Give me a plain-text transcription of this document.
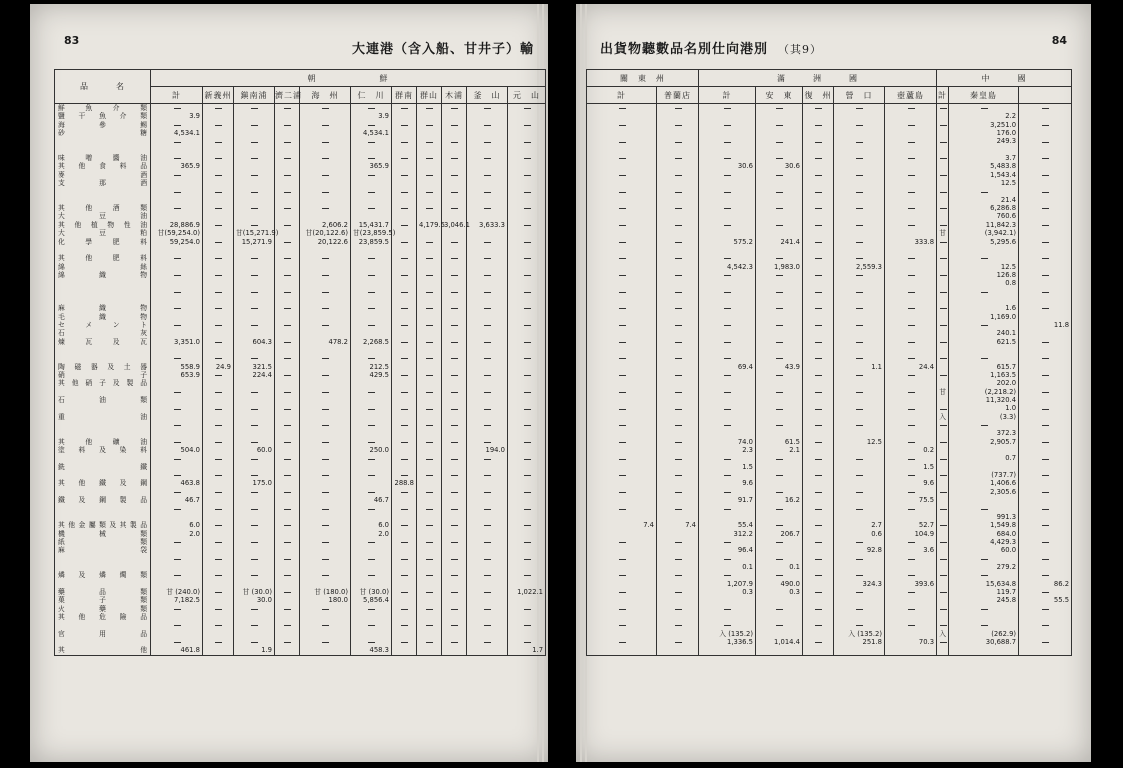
83
大連港（含入船、甘井子）輸
品　　　名	朝　　　　　　　鮮										
	計	新義州	鎭南浦	濟二浦	海　州	仁　川	群南	群山	木浦	釜　山	元　山
鮮魚介類											
鹽干魚介類	3.9					3.9					
海參鯣											
砂糖	4,534.1					4,534.1					

味噌醬油											
其他食料品	365.9					365.9					
麥酒											
支那酒											

其他酒類											
大豆油											
其他植物性油	28,886.9				2,606.2	15,431.7		4,179.5	3,046.1	3,633.3	
大豆粕	甘(59,254.0)		甘(15,271.9)		甘(20,122.6)	甘(23,859.5)					
化學肥料	59,254.0		15,271.9		20,122.6	23,859.5					

其他肥料											
綿絲											
綿織物											

麻織物											
毛織物											
セメント											
石灰											
煉瓦及瓦	3,351.0		604.3		478.2	2,268.5					

陶磁器及土器	558.9	24.9	321.5			212.5					
硝子	653.9		224.4			429.5					
其他硝子及製品											

石油類											

重油											

其他礦油											
塗料及染料	504.0		60.0			250.0				194.0	

銑鐵											

其他鐵及鋼	463.8		175.0				288.8				

鐵及鋼製品	46.7					46.7					

其他金屬類及其製品	6.0					6.0					
機械類	2.0					2.0					
紙類											
麻袋											

燐及燐燭類											

藥品類	甘 (240.0)		甘 (30.0)		甘 (180.0)	甘 (30.0)					1,022.1
菓子類	7,182.5		30.0		180.0	5,856.4					
火藥類											
其他危險品											

官用品											

其他	461.8		1.9			458.3					1.7
84
出貨物聽數品名別仕向港別 （其9）
關　東　州		滿　　　洲　　　國					中　　　國		
計	普蘭店	計	安　東	復　州	營　口	壺蘆島	計	秦皇島	

								2.2	
								3,251.0	
								176.0	
								249.3	

								3.7	
		30.6	30.6					5,483.8	
								1,543.4	
								12.5	

								21.4	
								6,286.8	
								760.6	
								11,842.3	
							甘	(3,942.1)	
		575.2	241.4			333.8		5,295.6	

		4,542.3	1,983.0		2,559.3			12.5	
								126.8	
								0.8	

								1.6	
								1,169.0	
									11.8
								240.1	
								621.5	

		69.4	43.9		1.1	24.4		615.7	
								1,163.5	
								202.0	
							甘	(2,218.2)	
								11,320.4	
								1.0	
							入	(3.3)	

								372.3	
		74.0	61.5		12.5			2,905.7	
		2.3	2.1			0.2			
								0.7	
		1.5				1.5			
								(737.7)	
		9.6				9.6		1,406.6	
								2,305.6	
		91.7	16.2			75.5			

								991.3	
7.4	7.4	55.4			2.7	52.7		1,549.8	
		312.2	206.7		0.6	104.9		684.0	
								4,429.3	
		96.4			92.8	3.6		60.0	

		0.1	0.1					279.2	

		1,207.9	490.0		324.3	393.6		15,634.8	86.2
		0.3	0.3					119.7	
								245.8	55.5

		入 (135.2)			入 (135.2)		入	(262.9)	
		1,336.5	1,014.4		251.8	70.3		30,688.7	
